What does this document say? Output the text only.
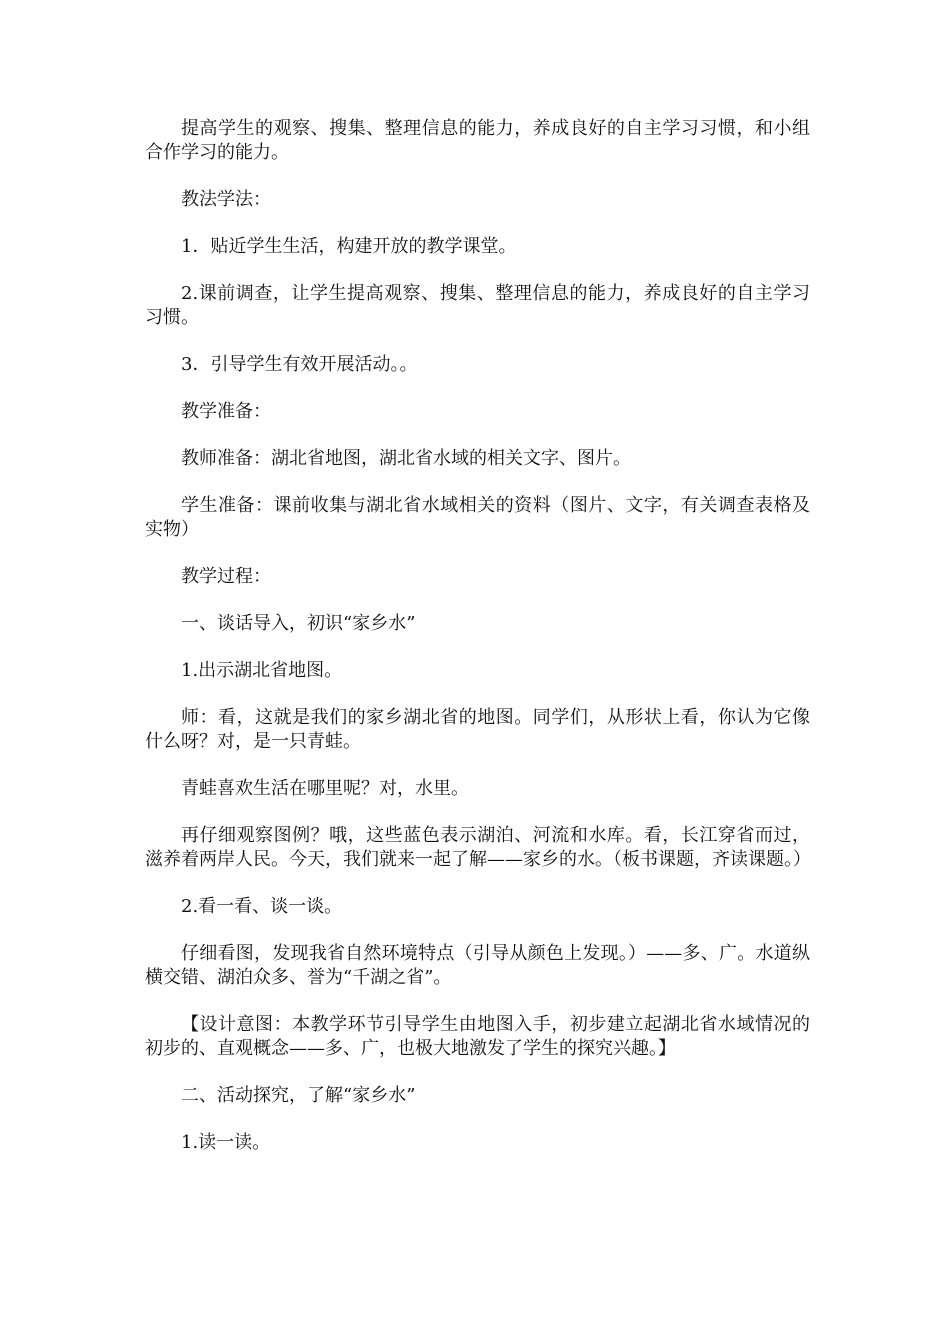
提高学生的观察、搜集、整理信息的能力，养成良好的自主学习习惯，和小组合作学习的能力。

教法学法：

1．贴近学生生活，构建开放的教学课堂。

2.课前调查，让学生提高观察、搜集、整理信息的能力，养成良好的自主学习习惯。

3．引导学生有效开展活动。。

教学准备：

教师准备：湖北省地图，湖北省水域的相关文字、图片。

学生准备：课前收集与湖北省水域相关的资料（图片、文字，有关调查表格及实物）

教学过程：

一、谈话导入，初识“家乡水”

1.出示湖北省地图。

师：看，这就是我们的家乡湖北省的地图。同学们，从形状上看，你认为它像什么呀？对，是一只青蛙。

青蛙喜欢生活在哪里呢？对，水里。

再仔细观察图例？哦，这些蓝色表示湖泊、河流和水库。看，长江穿省而过，滋养着两岸人民。今天，我们就来一起了解——家乡的水。（板书课题，齐读课题。）

2.看一看、谈一谈。

仔细看图，发现我省自然环境特点（引导从颜色上发现。）——多、广。水道纵横交错、湖泊众多、誉为“千湖之省”。

【设计意图：本教学环节引导学生由地图入手，初步建立起湖北省水域情况的初步的、直观概念——多、广，也极大地激发了学生的探究兴趣。】

二、活动探究，了解“家乡水”

1.读一读。
